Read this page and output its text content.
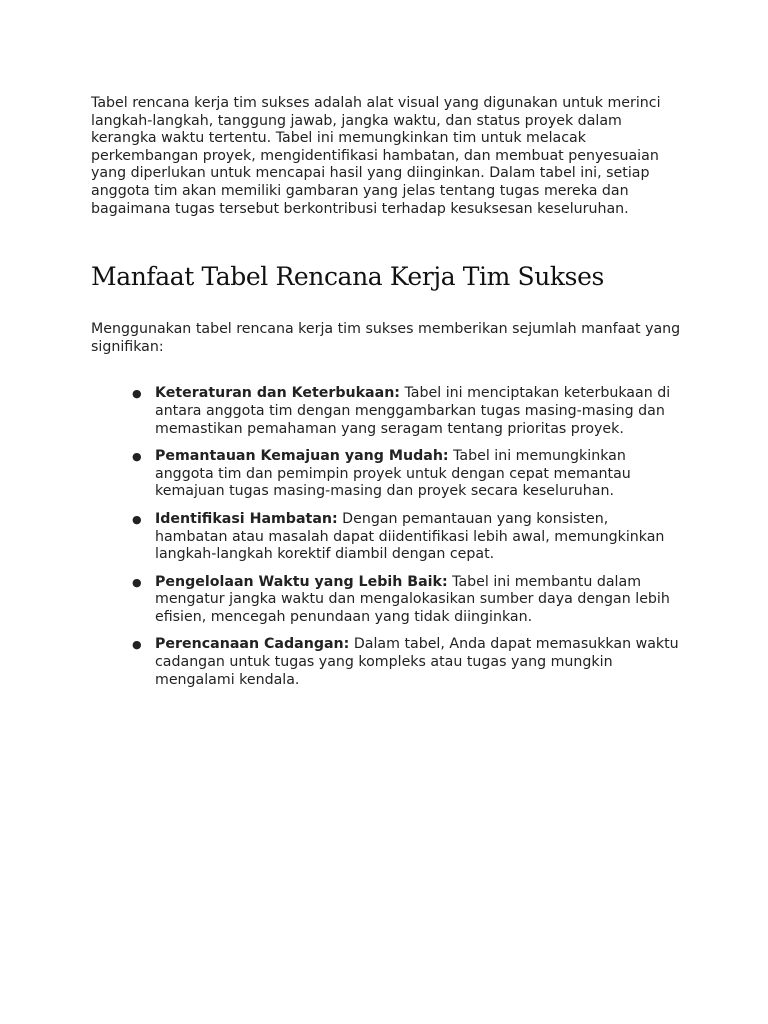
Tabel rencana kerja tim sukses adalah alat visual yang digunakan untuk merinci langkah-langkah, tanggung jawab, jangka waktu, dan status proyek dalam kerangka waktu tertentu. Tabel ini memungkinkan tim untuk melacak perkembangan proyek, mengidentifikasi hambatan, dan membuat penyesuaian yang diperlukan untuk mencapai hasil yang diinginkan. Dalam tabel ini, setiap anggota tim akan memiliki gambaran yang jelas tentang tugas mereka dan bagaimana tugas tersebut berkontribusi terhadap kesuksesan keseluruhan.

Manfaat Tabel Rencana Kerja Tim Sukses

Menggunakan tabel rencana kerja tim sukses memberikan sejumlah manfaat yang signifikan:

● Keteraturan dan Keterbukaan: Tabel ini menciptakan keterbukaan di antara anggota tim dengan menggambarkan tugas masing-masing dan memastikan pemahaman yang seragam tentang prioritas proyek.
● Pemantauan Kemajuan yang Mudah: Tabel ini memungkinkan anggota tim dan pemimpin proyek untuk dengan cepat memantau kemajuan tugas masing-masing dan proyek secara keseluruhan.
● Identifikasi Hambatan: Dengan pemantauan yang konsisten, hambatan atau masalah dapat diidentifikasi lebih awal, memungkinkan langkah-langkah korektif diambil dengan cepat.
● Pengelolaan Waktu yang Lebih Baik: Tabel ini membantu dalam mengatur jangka waktu dan mengalokasikan sumber daya dengan lebih efisien, mencegah penundaan yang tidak diinginkan.
● Perencanaan Cadangan: Dalam tabel, Anda dapat memasukkan waktu cadangan untuk tugas yang kompleks atau tugas yang mungkin mengalami kendala.
